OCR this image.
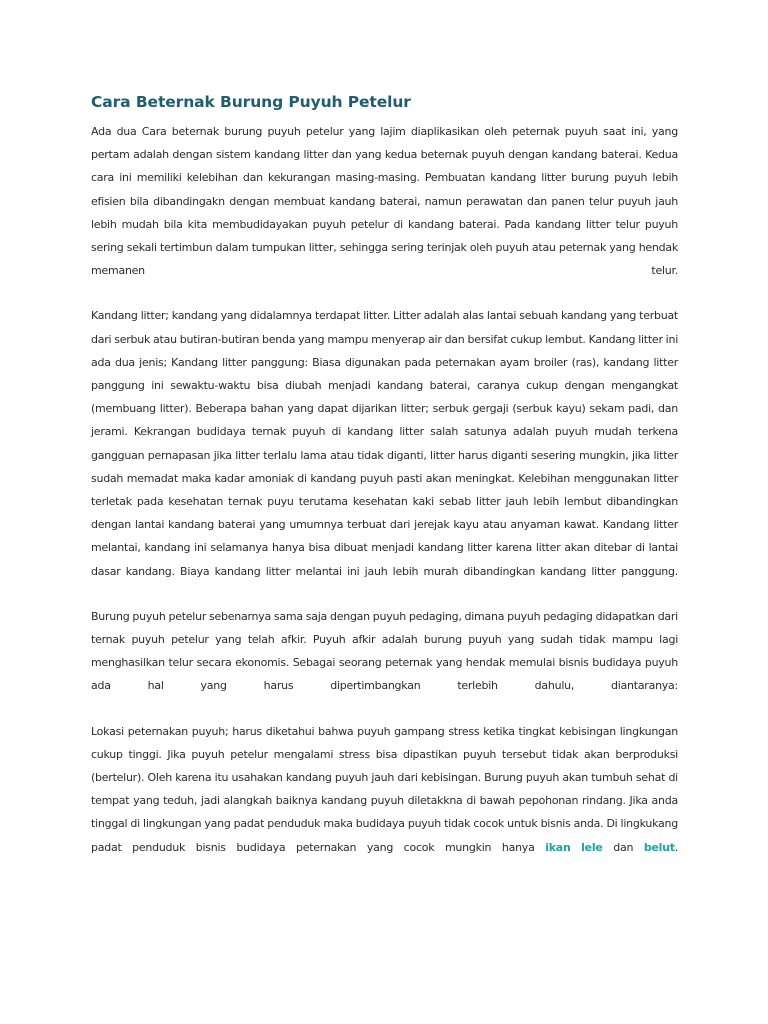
Cara Beternak Burung Puyuh Petelur

Ada dua Cara beternak burung puyuh petelur yang lajim diaplikasikan oleh peternak puyuh saat ini, yang pertam adalah dengan sistem kandang litter dan yang kedua beternak puyuh dengan kandang baterai. Kedua cara ini memiliki kelebihan dan kekurangan masing-masing. Pembuatan kandang litter burung puyuh lebih efisien bila dibandingakn dengan membuat kandang baterai, namun perawatan dan panen telur puyuh jauh lebih mudah bila kita membudidayakan puyuh petelur di kandang baterai. Pada kandang litter telur puyuh sering sekali tertimbun dalam tumpukan litter, sehingga sering terinjak oleh puyuh atau peternak yang hendak memanen telur.

Kandang litter; kandang yang didalamnya terdapat litter. Litter adalah alas lantai sebuah kandang yang terbuat dari serbuk atau butiran-butiran benda yang mampu menyerap air dan bersifat cukup lembut. Kandang litter ini ada dua jenis; Kandang litter panggung: Biasa digunakan pada peternakan ayam broiler (ras), kandang litter panggung ini sewaktu-waktu bisa diubah menjadi kandang baterai, caranya cukup dengan mengangkat (membuang litter). Beberapa bahan yang dapat dijarikan litter; serbuk gergaji (serbuk kayu) sekam padi, dan jerami. Kekrangan budidaya ternak puyuh di kandang litter salah satunya adalah puyuh mudah terkena gangguan pernapasan jika litter terlalu lama atau tidak diganti, litter harus diganti sesering mungkin, jika litter sudah memadat maka kadar amoniak di kandang puyuh pasti akan meningkat. Kelebihan menggunakan litter terletak pada kesehatan ternak puyu terutama kesehatan kaki sebab litter jauh lebih lembut dibandingkan dengan lantai kandang baterai yang umumnya terbuat dari jerejak kayu atau anyaman kawat. Kandang litter melantai, kandang ini selamanya hanya bisa dibuat menjadi kandang litter karena litter akan ditebar di lantai dasar kandang. Biaya kandang litter melantai ini jauh lebih murah dibandingkan kandang litter panggung.

Burung puyuh petelur sebenarnya sama saja dengan puyuh pedaging, dimana puyuh pedaging didapatkan dari ternak puyuh petelur yang telah afkir. Puyuh afkir adalah burung puyuh yang sudah tidak mampu lagi menghasilkan telur secara ekonomis. Sebagai seorang peternak yang hendak memulai bisnis budidaya puyuh ada hal yang harus dipertimbangkan terlebih dahulu, diantaranya:

Lokasi peternakan puyuh; harus diketahui bahwa puyuh gampang stress ketika tingkat kebisingan lingkungan cukup tinggi. Jika puyuh petelur mengalami stress bisa dipastikan puyuh tersebut tidak akan berproduksi (bertelur). Oleh karena itu usahakan kandang puyuh jauh dari kebisingan. Burung puyuh akan tumbuh sehat di tempat yang teduh, jadi alangkah baiknya kandang puyuh diletakkna di bawah pepohonan rindang. Jika anda tinggal di lingkungan yang padat penduduk maka budidaya puyuh tidak cocok untuk bisnis anda. Di lingkukang padat penduduk bisnis budidaya peternakan yang cocok mungkin hanya ikan lele dan belut.
